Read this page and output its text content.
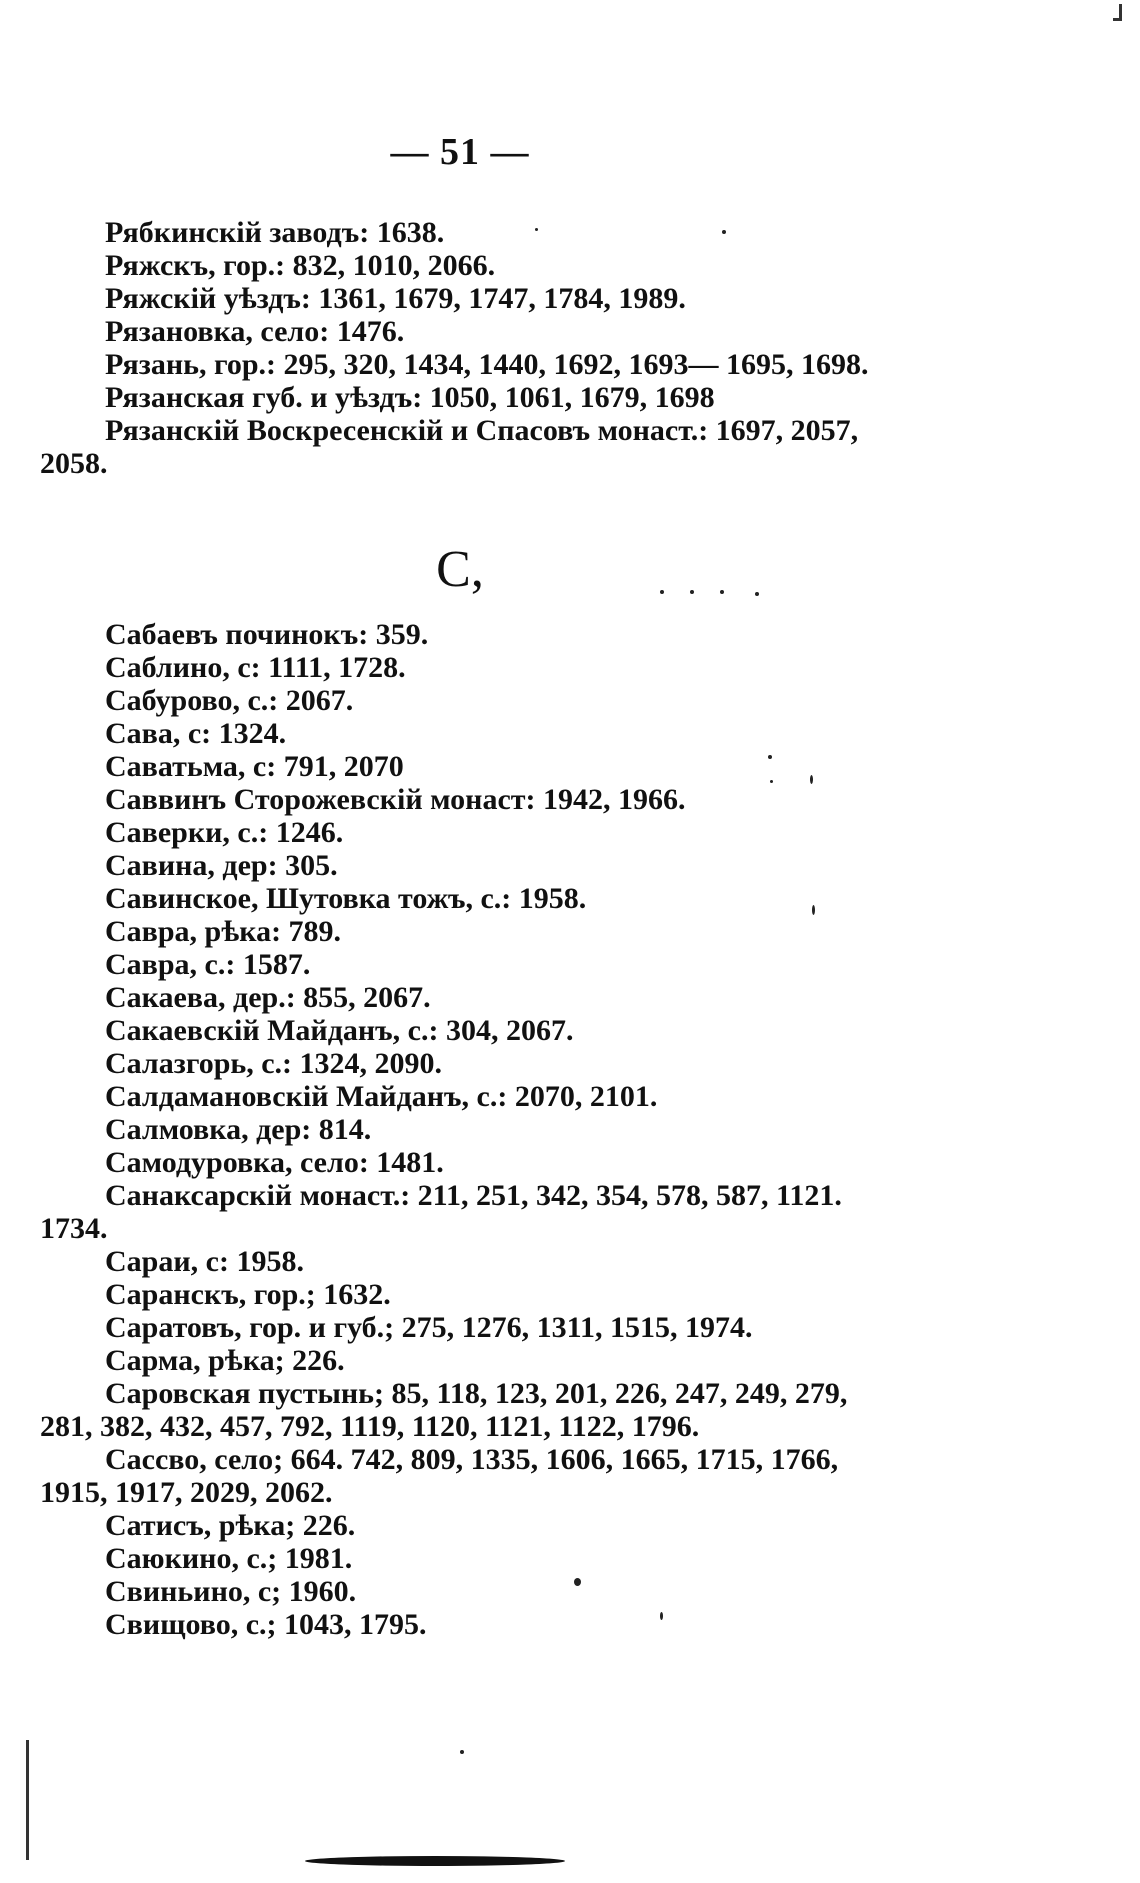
— 51 —

Рябкинскій заводъ: 1638.

Ряжскъ, гор.: 832, 1010, 2066.

Ряжскій уѣздъ: 1361, 1679, 1747, 1784, 1989.

Рязановка, село: 1476.

Рязань, гор.: 295, 320, 1434, 1440, 1692, 1693— 1695, 1698.

Рязанская губ. и уѣздъ: 1050, 1061, 1679, 1698

Рязанскій Воскресенскій и Спасовъ монаст.: 1697, 2057, 2058.

С,

Сабаевъ починокъ: 359.

Саблино, с: 1111, 1728.

Сабурово, с.: 2067.

Сава, с: 1324.

Саватьма, с: 791, 2070

Саввинъ Сторожевскій монаст: 1942, 1966.

Саверки, с.: 1246.

Савина, дер: 305.

Савинское, Шутовка тожъ, с.: 1958.

Савра, рѣка: 789.

Савра, с.: 1587.

Сакаева, дер.: 855, 2067.

Сакаевскій Майданъ, с.: 304, 2067.

Салазгорь, с.: 1324, 2090.

Салдамановскій Майданъ, с.: 2070, 2101.

Салмовка, дер: 814.

Самодуровка, село: 1481.

Санаксарскій монаст.: 211, 251, 342, 354, 578, 587, 1121. 1734.

Сараи, с: 1958.

Саранскъ, гор.; 1632.

Саратовъ, гор. и губ.; 275, 1276, 1311, 1515, 1974.

Сарма, рѣка; 226.

Саровская пустынь; 85, 118, 123, 201, 226, 247, 249, 279, 281, 382, 432, 457, 792, 1119, 1120, 1121, 1122, 1796.

Сассво, село; 664. 742, 809, 1335, 1606, 1665, 1715, 1766, 1915, 1917, 2029, 2062.

Сатисъ, рѣка; 226.

Саюкино, с.; 1981.

Свиньино, с; 1960.

Свищово, с.; 1043, 1795.
